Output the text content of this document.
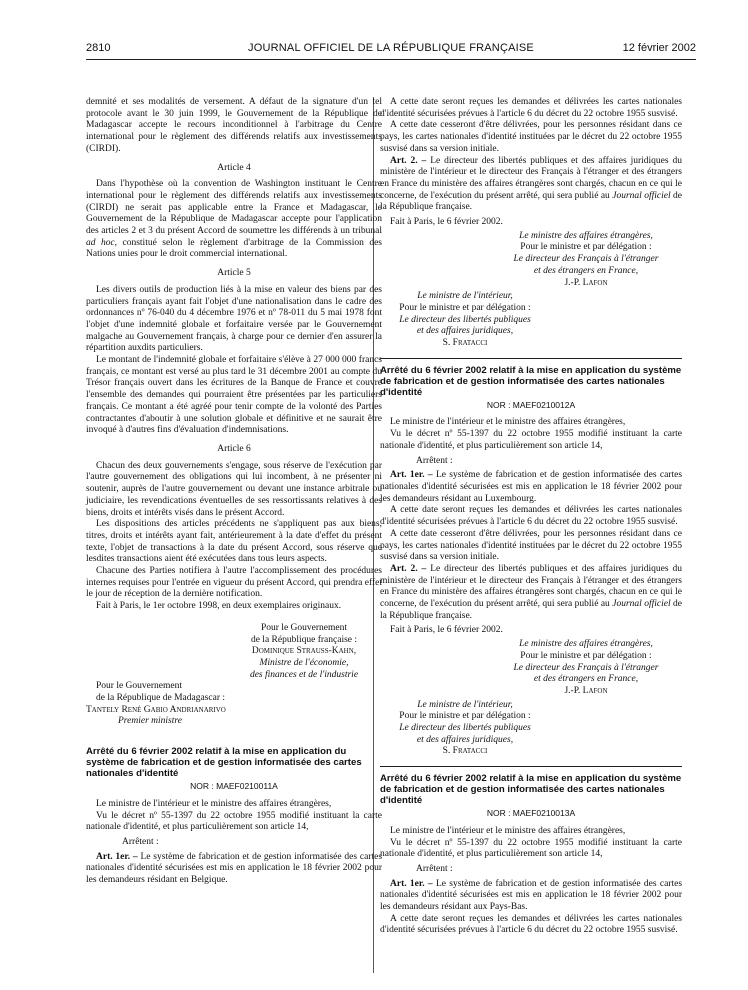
2810	JOURNAL OFFICIEL DE LA RÉPUBLIQUE FRANÇAISE	12 février 2002

demnité et ses modalités de versement. A défaut de la signature d'un tel protocole avant le 30 juin 1999, le Gouvernement de la République de Madagascar accepte le recours inconditionnel à l'arbitrage du Centre international pour le règlement des différends relatifs aux investissements (CIRDI).

Article 4

Dans l'hypothèse où la convention de Washington instituant le Centre international pour le règlement des différends relatifs aux investissements (CIRDI) ne serait pas applicable entre la France et Madagascar, le Gouvernement de la République de Madagascar accepte pour l'application des articles 2 et 3 du présent Accord de soumettre les différends à un tribunal ad hoc, constitué selon le règlement d'arbitrage de la Commission des Nations unies pour le droit commercial international.

Article 5

Les divers outils de production liés à la mise en valeur des biens par des particuliers français ayant fait l'objet d'une nationalisation dans le cadre des ordonnances nº 76-040 du 4 décembre 1976 et nº 78-011 du 5 mai 1978 font l'objet d'une indemnité globale et forfaitaire versée par le Gouvernement malgache au Gouvernement français, à charge pour ce dernier d'en assurer la répartition auxdits particuliers.

Le montant de l'indemnité globale et forfaitaire s'élève à 27 000 000 francs français, ce montant est versé au plus tard le 31 décembre 2001 au compte du Trésor français ouvert dans les écritures de la Banque de France et couvre l'ensemble des demandes qui pourraient être présentées par les particuliers français. Ce montant a été agréé pour tenir compte de la volonté des Parties contractantes d'aboutir à une solution globale et définitive et ne saurait être invoqué à d'autres fins d'évaluation d'indemnisations.

Article 6

Chacun des deux gouvernements s'engage, sous réserve de l'exécution par l'autre gouvernement des obligations qui lui incombent, à ne présenter ni soutenir, auprès de l'autre gouvernement ou devant une instance arbitrale ou judiciaire, les revendications éventuelles de ses ressortissants relatives à des biens, droits et intérêts visés dans le présent Accord.

Les dispositions des articles précédents ne s'appliquent pas aux biens, titres, droits et intérêts ayant fait, antérieurement à la date d'effet du présent texte, l'objet de transactions à la date du présent Accord, sous réserve que lesdites transactions aient été exécutées dans tous leurs aspects.

Chacune des Parties notifiera à l'autre l'accomplissement des procédures internes requises pour l'entrée en vigueur du présent Accord, qui prendra effet le jour de réception de la dernière notification.

Fait à Paris, le 1er octobre 1998, en deux exemplaires originaux.

Pour le Gouvernement
de la République française :
Dominique Strauss-Kahn,
Ministre de l'économie,
des finances et de l'industrie
Pour le Gouvernement
de la République de Madagascar :
Tantely René Gabio Andrianarivo
Premier ministre
Arrêté du 6 février 2002 relatif à la mise en application du système de fabrication et de gestion informatisée des cartes nationales d'identité
NOR : MAEF0210011A

Le ministre de l'intérieur et le ministre des affaires étrangères,

Vu le décret nº 55-1397 du 22 octobre 1955 modifié instituant la carte nationale d'identité, et plus particulièrement son article 14,

Arrêtent :

Art. 1er. – Le système de fabrication et de gestion informatisée des cartes nationales d'identité sécurisées est mis en application le 18 février 2002 pour les demandeurs résidant en Belgique.

A cette date seront reçues les demandes et délivrées les cartes nationales d'identité sécurisées prévues à l'article 6 du décret du 22 octobre 1955 susvisé.

A cette date cesseront d'être délivrées, pour les personnes résidant dans ce pays, les cartes nationales d'identité instituées par le décret du 22 octobre 1955 susvisé dans sa version initiale.

Art. 2. – Le directeur des libertés publiques et des affaires juridiques du ministère de l'intérieur et le directeur des Français à l'étranger et des étrangers en France du ministère des affaires étrangères sont chargés, chacun en ce qui le concerne, de l'exécution du présent arrêté, qui sera publié au Journal officiel de la République française.

Fait à Paris, le 6 février 2002.

Le ministre des affaires étrangères,
Pour le ministre et par délégation :
Le directeur des Français à l'étranger
et des étrangers en France,
J.-P. Lafon
Le ministre de l'intérieur,
Pour le ministre et par délégation :
Le directeur des libertés publiques
et des affaires juridiques,
S. Fratacci
Arrêté du 6 février 2002 relatif à la mise en application du système de fabrication et de gestion informatisée des cartes nationales d'identité
NOR : MAEF0210012A

Le ministre de l'intérieur et le ministre des affaires étrangères,

Vu le décret nº 55-1397 du 22 octobre 1955 modifié instituant la carte nationale d'identité, et plus particulièrement son article 14,

Arrêtent :

Art. 1er. – Le système de fabrication et de gestion informatisée des cartes nationales d'identité sécurisées est mis en application le 18 février 2002 pour les demandeurs résidant au Luxembourg.

A cette date seront reçues les demandes et délivrées les cartes nationales d'identité sécurisées prévues à l'article 6 du décret du 22 octobre 1955 susvisé.

A cette date cesseront d'être délivrées, pour les personnes résidant dans ce pays, les cartes nationales d'identité instituées par le décret du 22 octobre 1955 susvisé dans sa version initiale.

Art. 2. – Le directeur des libertés publiques et des affaires juridiques du ministère de l'intérieur et le directeur des Français à l'étranger et des étrangers en France du ministère des affaires étrangères sont chargés, chacun en ce qui le concerne, de l'exécution du présent arrêté, qui sera publié au Journal officiel de la République française.

Fait à Paris, le 6 février 2002.

Le ministre des affaires étrangères,
Pour le ministre et par délégation :
Le directeur des Français à l'étranger
et des étrangers en France,
J.-P. Lafon
Le ministre de l'intérieur,
Pour le ministre et par délégation :
Le directeur des libertés publiques
et des affaires juridiques,
S. Fratacci
Arrêté du 6 février 2002 relatif à la mise en application du système de fabrication et de gestion informatisée des cartes nationales d'identité
NOR : MAEF0210013A

Le ministre de l'intérieur et le ministre des affaires étrangères,

Vu le décret nº 55-1397 du 22 octobre 1955 modifié instituant la carte nationale d'identité, et plus particulièrement son article 14,

Arrêtent :

Art. 1er. – Le système de fabrication et de gestion informatisée des cartes nationales d'identité sécurisées est mis en application le 18 février 2002 pour les demandeurs résidant aux Pays-Bas.

A cette date seront reçues les demandes et délivrées les cartes nationales d'identité sécurisées prévues à l'article 6 du décret du 22 octobre 1955 susvisé.
